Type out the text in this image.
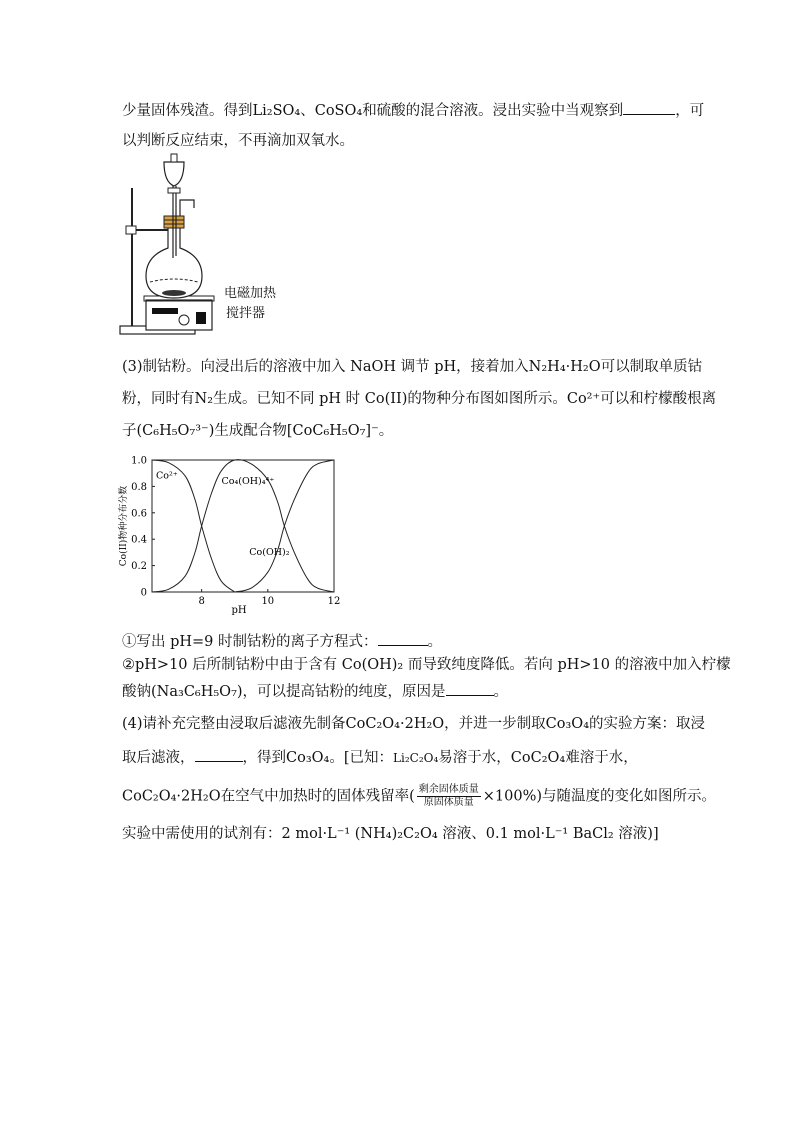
少量固体残渣。得到Li₂SO₄、CoSO₄和硫酸的混合溶液。浸出实验中当观察到	，可
以判断反应结束，不再滴加双氧水。
电磁加热
搅拌器
(3)制钴粉。向浸出后的溶液中加入 NaOH 调节 pH，接着加入N₂H₄·H₂O可以制取单质钴
粉，同时有N₂生成。已知不同 pH 时 Co(II)的物种分布图如图所示。Co²⁺可以和柠檬酸根离
子(C₆H₅O₇³⁻)生成配合物[CoC₆H₅O₇]⁻。
0
0.2
0.4
0.6
0.8
1.0
8	10	12
pH
Co(II)物种分布分数
Co²⁺	Co₄(OH)₄⁴⁺
Co(OH)₂
①写出 pH=9 时制钴粉的离子方程式：	。
②pH>10 后所制钴粉中由于含有 Co(OH)₂ 而导致纯度降低。若向 pH>10 的溶液中加入柠檬
酸钠(Na₃C₆H₅O₇)，可以提高钴粉的纯度，原因是	。
(4)请补充完整由浸取后滤液先制备CoC₂O₄·2H₂O，并进一步制取Co₃O₄的实验方案：取浸
取后滤液，	，得到Co₃O₄。[已知：Li₂C₂O₄易溶于水，CoC₂O₄难溶于水，
CoC₂O₄·2H₂O在空气中加热时的固体残留率( $\frac{\text{剩余固体质量}}{\text{原固体质量}} \times 100\%$)与随温度的变化如图所示。
实验中需使用的试剂有：2 mol·L⁻¹ (NH₄)₂C₂O₄ 溶液、0.1 mol·L⁻¹ BaCl₂ 溶液)]
